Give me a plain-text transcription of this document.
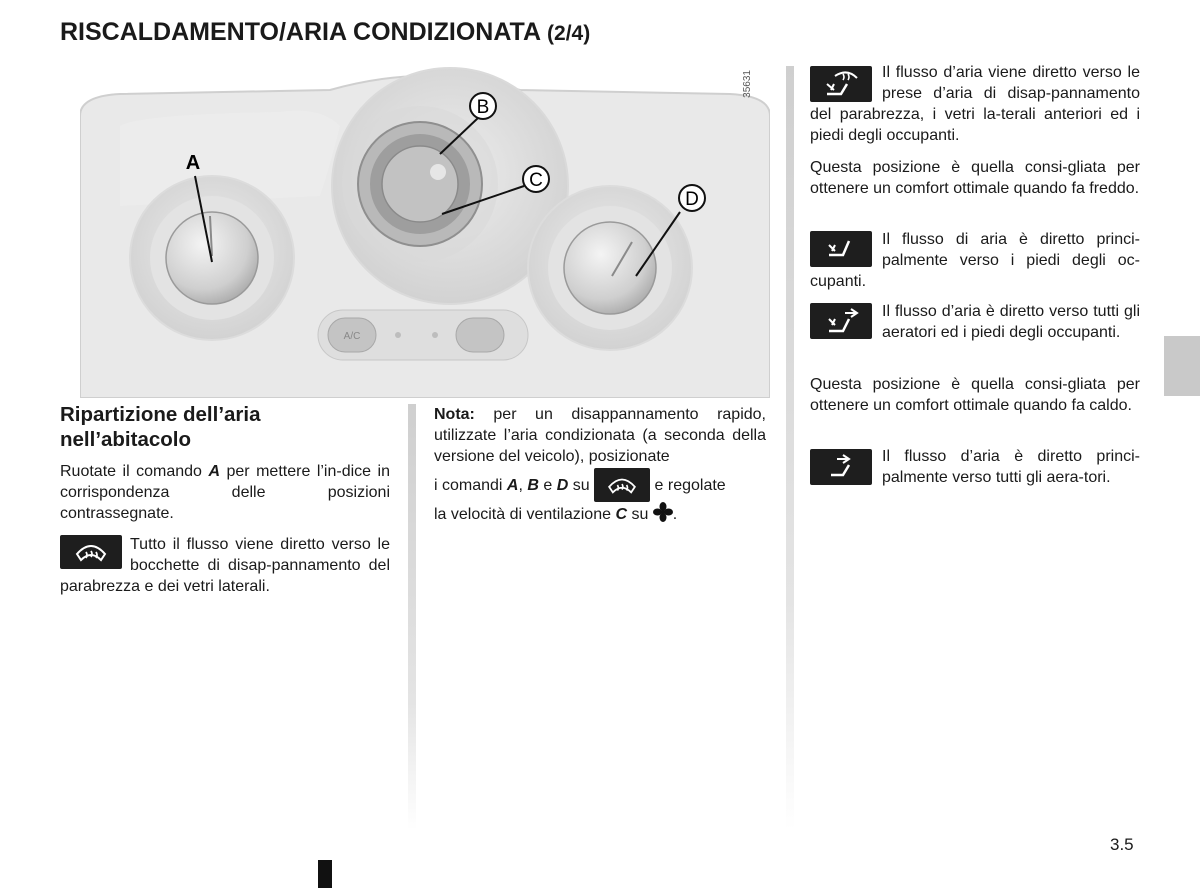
RISCALDAMENTO/ARIA CONDIZIONATA (2/4)
A
B
C
D
A/C
35631
Ripartizione dell’aria
nell’abitacolo
Ruotate il comando A per mettere l’in-dice in corrispondenza delle posizioni contrassegnate.
Tutto il flusso viene diretto verso le bocchette di disap-pannamento del parabrezza e dei vetri laterali.
Nota: per un disappannamento rapido, utilizzate l’aria condizionata (a seconda della versione del veicolo), posizionate
i comandi A, B e D su	e regolate
la velocità di ventilazione C su .
Il flusso d’aria viene diretto verso le prese d’aria di disap-pannamento del parabrezza, i vetri la-terali anteriori ed i piedi degli occupanti.
Questa posizione è quella consi-gliata per ottenere un comfort ottimale quando fa freddo.
Il flusso di aria è diretto princi-palmente verso i piedi degli oc-cupanti.
Il flusso d’aria è diretto verso tutti gli aeratori ed i piedi degli occupanti.
Questa posizione è quella consi-gliata per ottenere un comfort ottimale quando fa caldo.
Il flusso d’aria è diretto princi-palmente verso tutti gli aera-tori.
3.5
